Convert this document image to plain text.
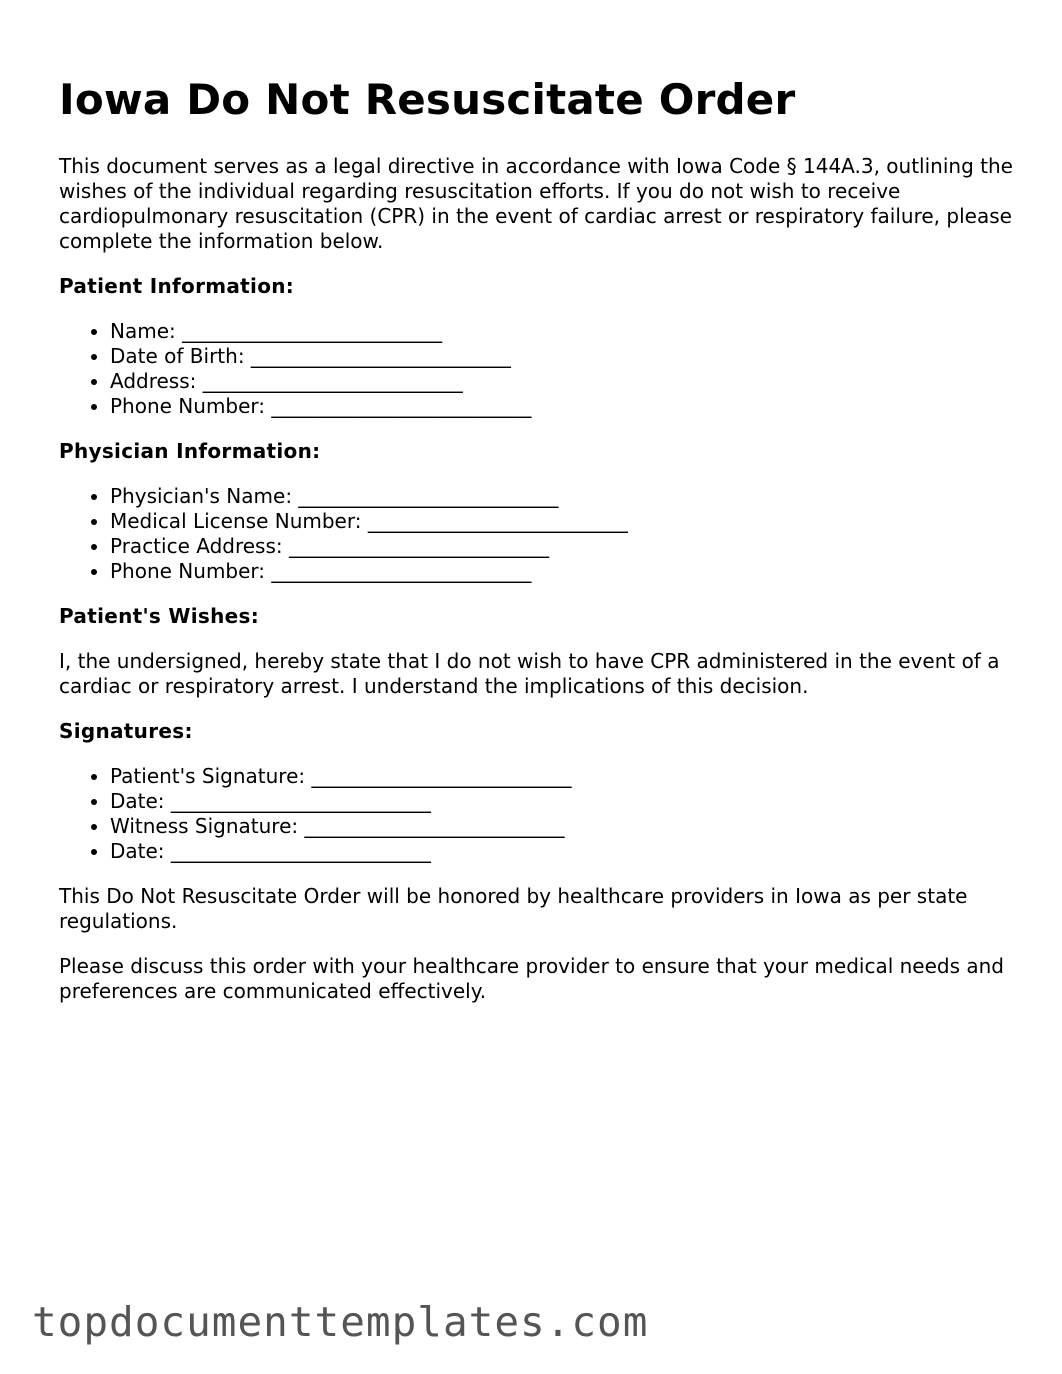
Iowa Do Not Resuscitate Order

This document serves as a legal directive in accordance with Iowa Code § 144A.3, outlining the wishes of the individual regarding resuscitation efforts. If you do not wish to receive cardiopulmonary resuscitation (CPR) in the event of cardiac arrest or respiratory failure, please complete the information below.

Patient Information:
• Name: __________________________
• Date of Birth: __________________________
• Address: __________________________
• Phone Number: __________________________
Physician Information:
• Physician's Name: __________________________
• Medical License Number: __________________________
• Practice Address: __________________________
• Phone Number: __________________________
Patient's Wishes:

I, the undersigned, hereby state that I do not wish to have CPR administered in the event of a cardiac or respiratory arrest. I understand the implications of this decision.

Signatures:
• Patient's Signature: __________________________
• Date: __________________________
• Witness Signature: __________________________
• Date: __________________________

This Do Not Resuscitate Order will be honored by healthcare providers in Iowa as per state regulations.

Please discuss this order with your healthcare provider to ensure that your medical needs and preferences are communicated effectively.

topdocumenttemplates.com
